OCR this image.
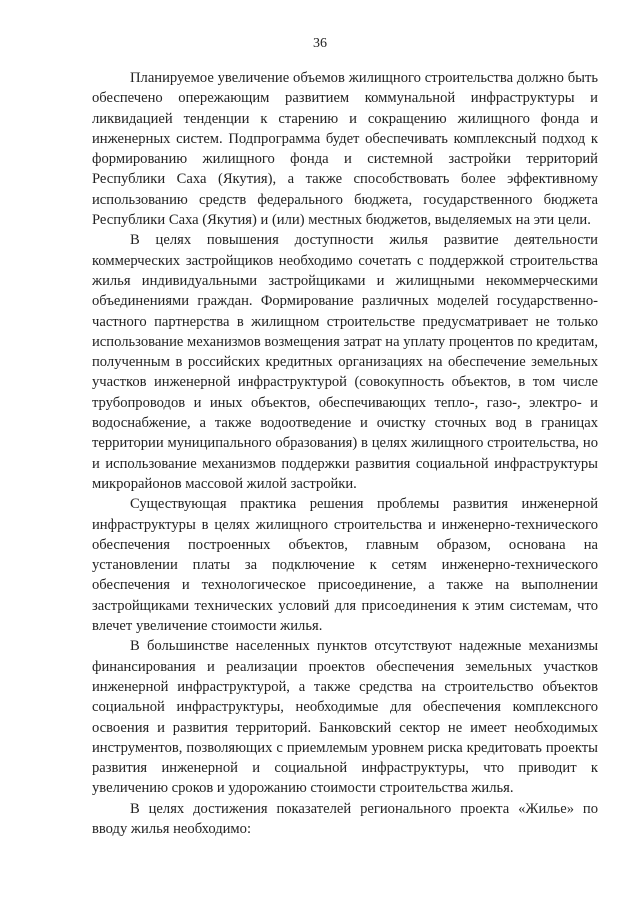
36

Планируемое увеличение объемов жилищного строительства должно быть обеспечено опережающим развитием коммунальной инфраструктуры и ликвидацией тенденции к старению и сокращению жилищного фонда и инженерных систем. Подпрограмма будет обеспечивать комплексный подход к формированию жилищного фонда и системной застройки территорий Республики Саха (Якутия), а также способствовать более эффективному использованию средств федерального бюджета, государственного бюджета Республики Саха (Якутия) и (или) местных бюджетов, выделяемых на эти цели.

В целях повышения доступности жилья развитие деятельности коммерческих застройщиков необходимо сочетать с поддержкой строительства жилья индивидуальными застройщиками и жилищными некоммерческими объединениями граждан. Формирование различных моделей государственно-частного партнерства в жилищном строительстве предусматривает не только использование механизмов возмещения затрат на уплату процентов по кредитам, полученным в российских кредитных организациях на обеспечение земельных участков инженерной инфраструктурой (совокупность объектов, в том числе трубопроводов и иных объектов, обеспечивающих тепло-, газо-, электро- и водоснабжение, а также водоотведение и очистку сточных вод в границах территории муниципального образования) в целях жилищного строительства, но и использование механизмов поддержки развития социальной инфраструктуры микрорайонов массовой жилой застройки.

Существующая практика решения проблемы развития инженерной инфраструктуры в целях жилищного строительства и инженерно-технического обеспечения построенных объектов, главным образом, основана на установлении платы за подключение к сетям инженерно-технического обеспечения и технологическое присоединение, а также на выполнении застройщиками технических условий для присоединения к этим системам, что влечет увеличение стоимости жилья.

В большинстве населенных пунктов отсутствуют надежные механизмы финансирования и реализации проектов обеспечения земельных участков инженерной инфраструктурой, а также средства на строительство объектов социальной инфраструктуры, необходимые для обеспечения комплексного освоения и развития территорий. Банковский сектор не имеет необходимых инструментов, позволяющих с приемлемым уровнем риска кредитовать проекты развития инженерной и социальной инфраструктуры, что приводит к увеличению сроков и удорожанию стоимости строительства жилья.

В целях достижения показателей регионального проекта «Жилье» по вводу жилья необходимо:
